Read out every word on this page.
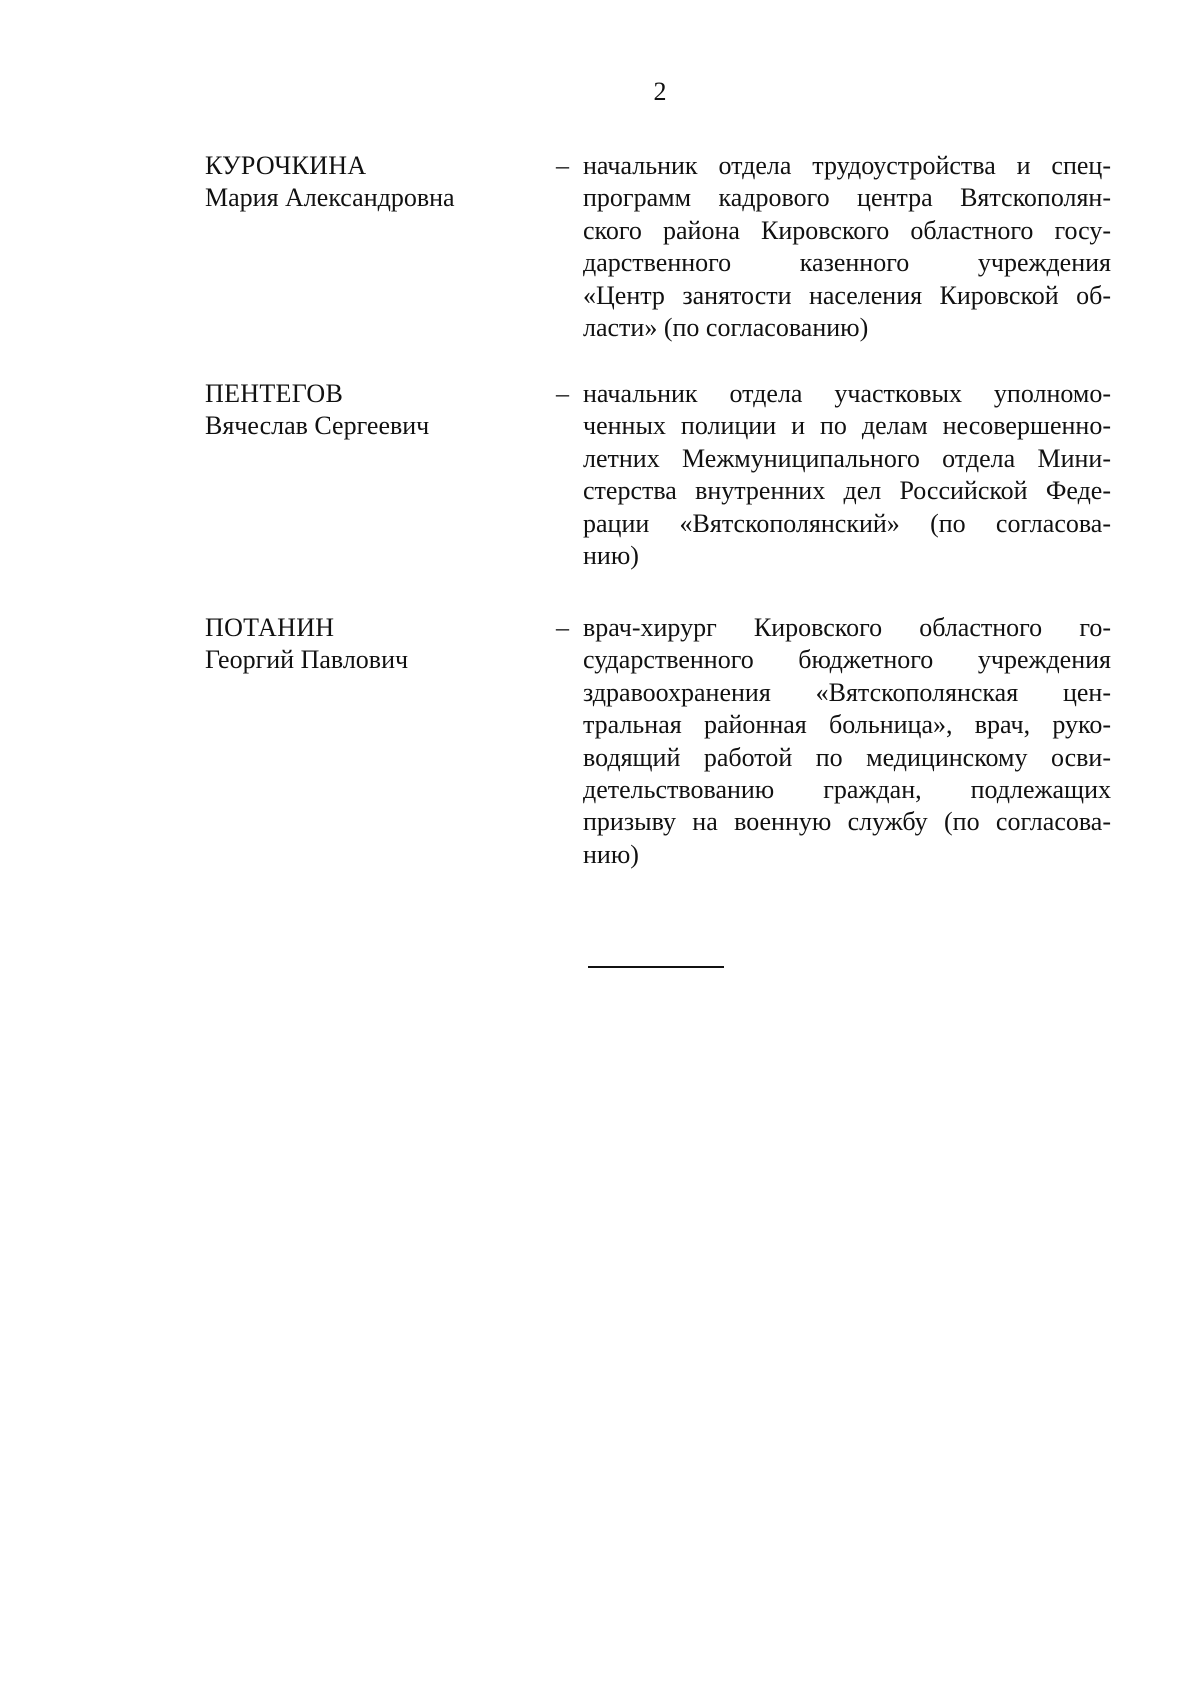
2
КУРОЧКИНА
Мария Александровна
– начальник отдела трудоустройства и спец-
программ кадрового центра Вятскополян-
ского района Кировского областного госу-
дарственного казенного учреждения
«Центр занятости населения Кировской об-
ласти» (по согласованию)

ПЕНТЕГОВ
Вячеслав Сергеевич
– начальник отдела участковых уполномо-
ченных полиции и по делам несовершенно-
летних Межмуниципального отдела Мини-
стерства внутренних дел Российской Феде-
рации «Вятскополянский» (по согласова-
нию)

ПОТАНИН
Георгий Павлович
– врач-хирург Кировского областного го-
сударственного бюджетного учреждения
здравоохранения «Вятскополянская цен-
тральная районная больница», врач, руко-
водящий работой по медицинскому осви-
детельствованию граждан, подлежащих
призыву на военную службу (по согласова-
нию)
